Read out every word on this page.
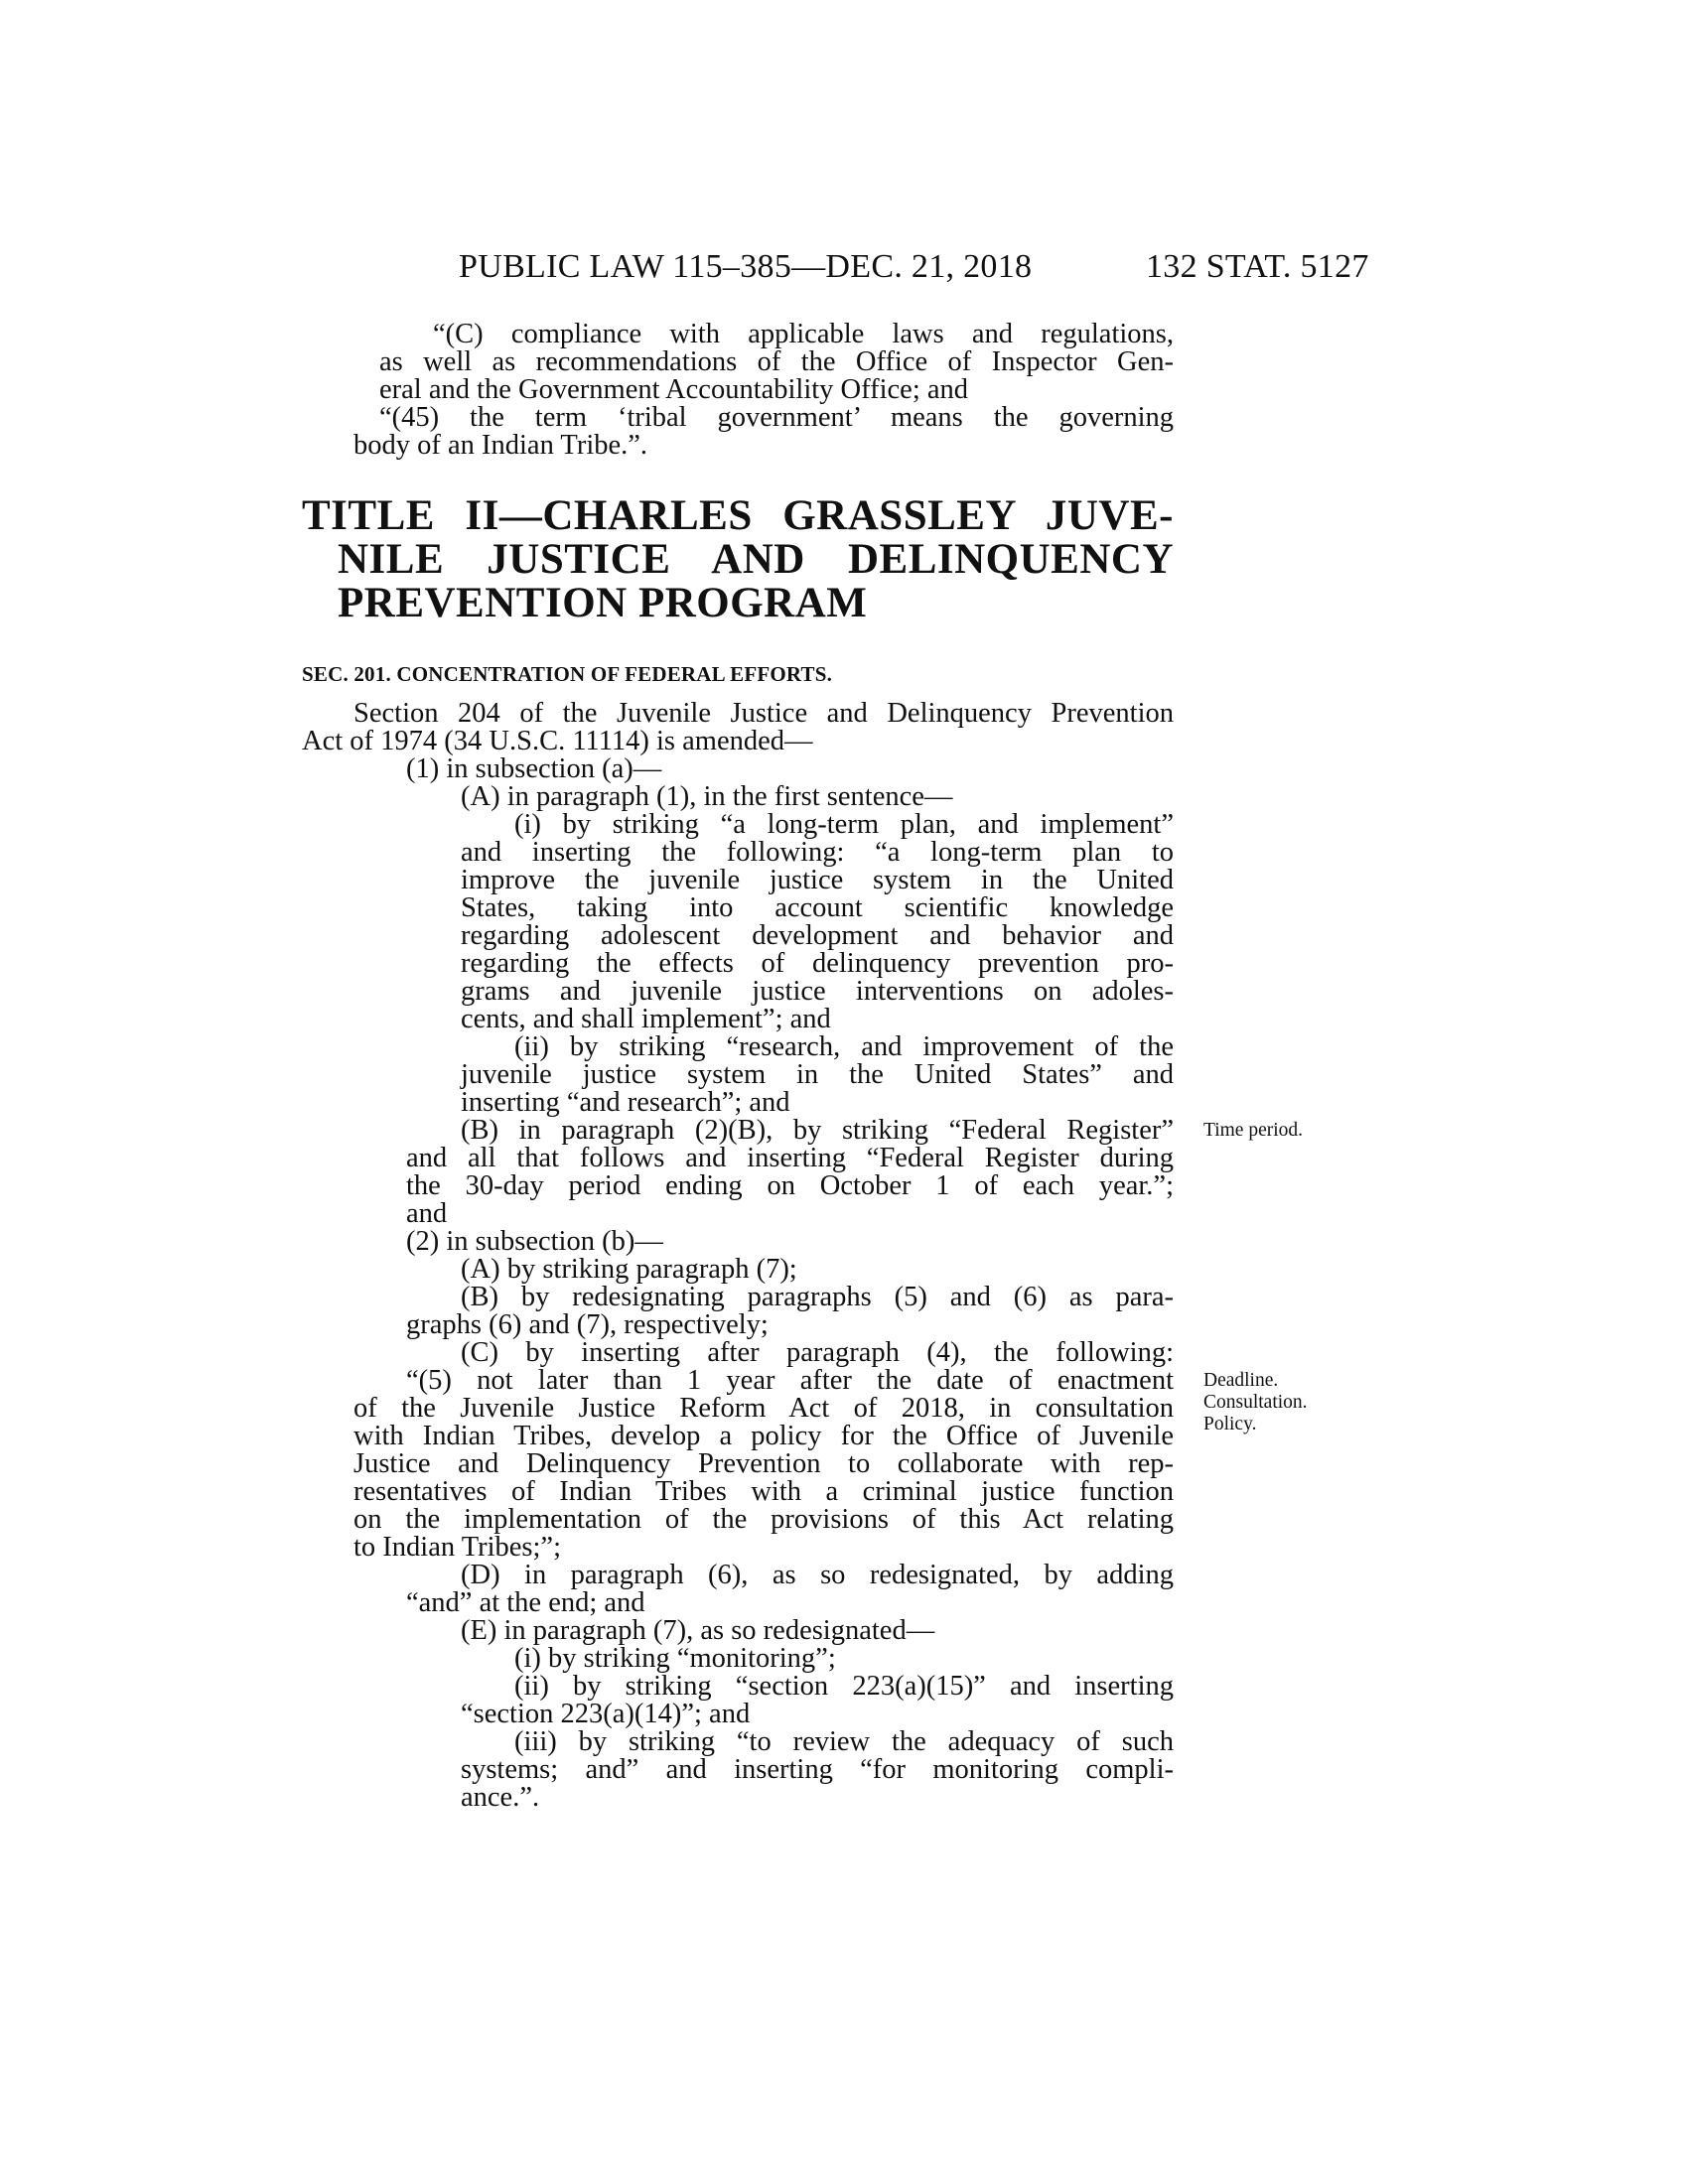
PUBLIC LAW 115–385—DEC. 21, 2018	132 STAT. 5127
“(C) compliance with applicable laws and regulations,
as well as recommendations of the Office of Inspector Gen-
eral and the Government Accountability Office; and
“(45) the term ‘tribal government’ means the governing
body of an Indian Tribe.”.
TITLE II—CHARLES GRASSLEY JUVE-
NILE JUSTICE AND DELINQUENCY
PREVENTION PROGRAM
SEC. 201. CONCENTRATION OF FEDERAL EFFORTS.
Section 204 of the Juvenile Justice and Delinquency Prevention
Act of 1974 (34 U.S.C. 11114) is amended—
(1) in subsection (a)—
(A) in paragraph (1), in the first sentence—
(i) by striking “a long-term plan, and implement”
and inserting the following: “a long-term plan to
improve the juvenile justice system in the United
States, taking into account scientific knowledge
regarding adolescent development and behavior and
regarding the effects of delinquency prevention pro-
grams and juvenile justice interventions on adoles-
cents, and shall implement”; and
(ii) by striking “research, and improvement of the
juvenile justice system in the United States” and
inserting “and research”; and
(B) in paragraph (2)(B), by striking “Federal Register”
and all that follows and inserting “Federal Register during
the 30-day period ending on October 1 of each year.”;
and
(2) in subsection (b)—
(A) by striking paragraph (7);
(B) by redesignating paragraphs (5) and (6) as para-
graphs (6) and (7), respectively;
(C) by inserting after paragraph (4), the following:
“(5) not later than 1 year after the date of enactment
of the Juvenile Justice Reform Act of 2018, in consultation
with Indian Tribes, develop a policy for the Office of Juvenile
Justice and Delinquency Prevention to collaborate with rep-
resentatives of Indian Tribes with a criminal justice function
on the implementation of the provisions of this Act relating
to Indian Tribes;”;
(D) in paragraph (6), as so redesignated, by adding
“and” at the end; and
(E) in paragraph (7), as so redesignated—
(i) by striking “monitoring”;
(ii) by striking “section 223(a)(15)” and inserting
“section 223(a)(14)”; and
(iii) by striking “to review the adequacy of such
systems; and” and inserting “for monitoring compli-
ance.”.
Time period.
Deadline.
Consultation.
Policy.
